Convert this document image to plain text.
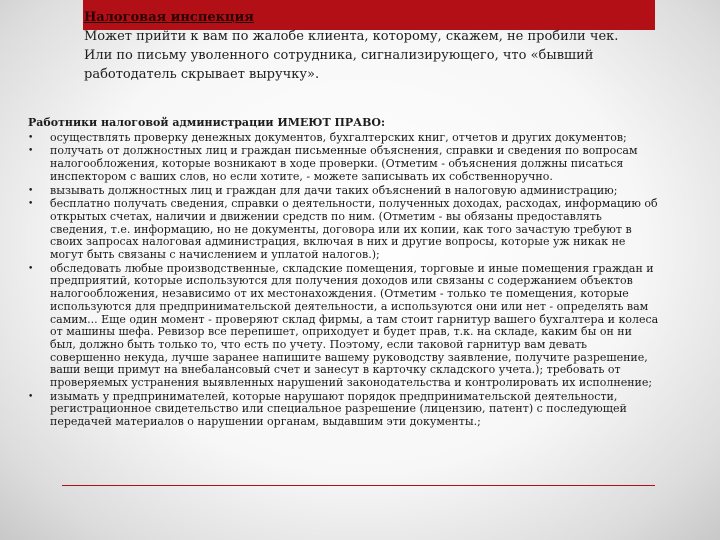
Налоговая инспекция
Может прийти к вам по жалобе клиента, которому, скажем, не пробили чек.
Или по письму уволенного сотрудника, сигнализирующего, что «бывший
работодатель скрывает выручку».
Работники налоговой администрации ИМЕЮТ ПРАВО:
•	осуществлять проверку денежных документов, бухгалтерских книг, отчетов и других документов;
•	получать от должностных лиц и граждан письменные объяснения, справки и сведения по вопросам налогообложения, которые возникают в ходе проверки. (Отметим - объяснения должны писаться инспектором с ваших слов, но если хотите, - можете записывать их собственноручно.
•	вызывать должностных лиц и граждан для дачи таких объяснений в налоговую администрацию;
•	бесплатно получать сведения, справки о деятельности, полученных доходах, расходах, информацию об открытых счетах, наличии и движении средств по ним. (Отметим - вы обязаны предоставлять сведения, т.е. информацию, но не документы, договора или их копии, как того зачастую требуют в своих запросах налоговая администрация, включая в них и другие вопросы, которые уж никак не могут быть связаны с начислением и уплатой налогов.);
•	обследовать любые производственные, складские помещения, торговые и иные помещения граждан и предприятий, которые используются для получения доходов или связаны с содержанием объектов налогообложения, независимо от их местонахождения. (Отметим - только те помещения, которые используются для предпринимательской деятельности, а используются они или нет - определять вам самим... Еще один момент - проверяют склад фирмы, а там стоит гарнитур вашего бухгалтера и колеса от машины шефа. Ревизор все перепишет, оприходует и будет прав, т.к. на складе, каким бы он ни был, должно быть только то, что есть по учету. Поэтому, если таковой гарнитур вам девать совершенно некуда, лучше заранее напишите вашему руководству заявление, получите разрешение, ваши вещи примут на внебалансовый счет и занесут в карточку складского учета.); требовать от проверяемых устранения выявленных нарушений законодательства и контролировать их исполнение;
•	изымать у предпринимателей, которые нарушают порядок предпринимательской деятельности, регистрационное свидетельство или специальное разрешение (лицензию, патент) с последующей передачей материалов о нарушении органам, выдавшим эти документы.;
